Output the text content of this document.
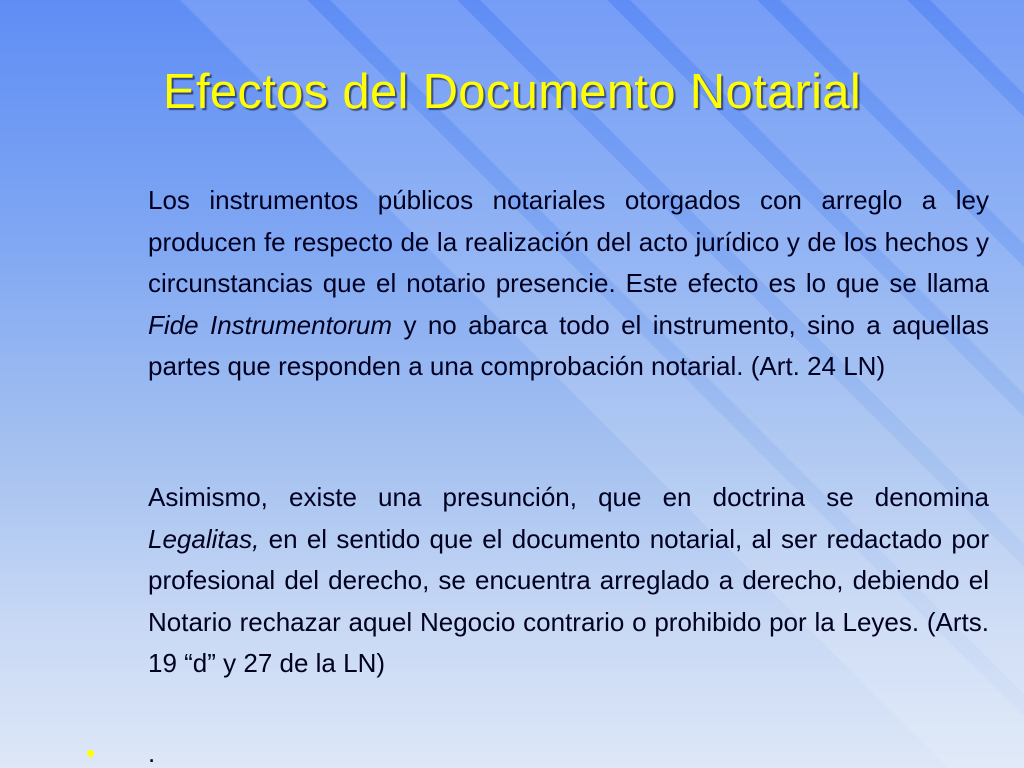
Efectos del Documento Notarial
Los instrumentos públicos notariales otorgados con arreglo a ley producen fe respecto de la realización del acto jurídico y de los hechos y circunstancias que el notario presencie. Este efecto es lo que se llama Fide Instrumentorum y no abarca todo el instrumento, sino a aquellas partes que responden a una comprobación notarial. (Art. 24 LN)
Asimismo, existe una presunción, que en doctrina se denomina Legalitas, en el sentido que el documento notarial, al ser redactado por profesional del derecho, se encuentra arreglado a derecho, debiendo el Notario rechazar aquel Negocio contrario o prohibido por la Leyes. (Arts. 19 “d” y 27 de la LN)
• .
